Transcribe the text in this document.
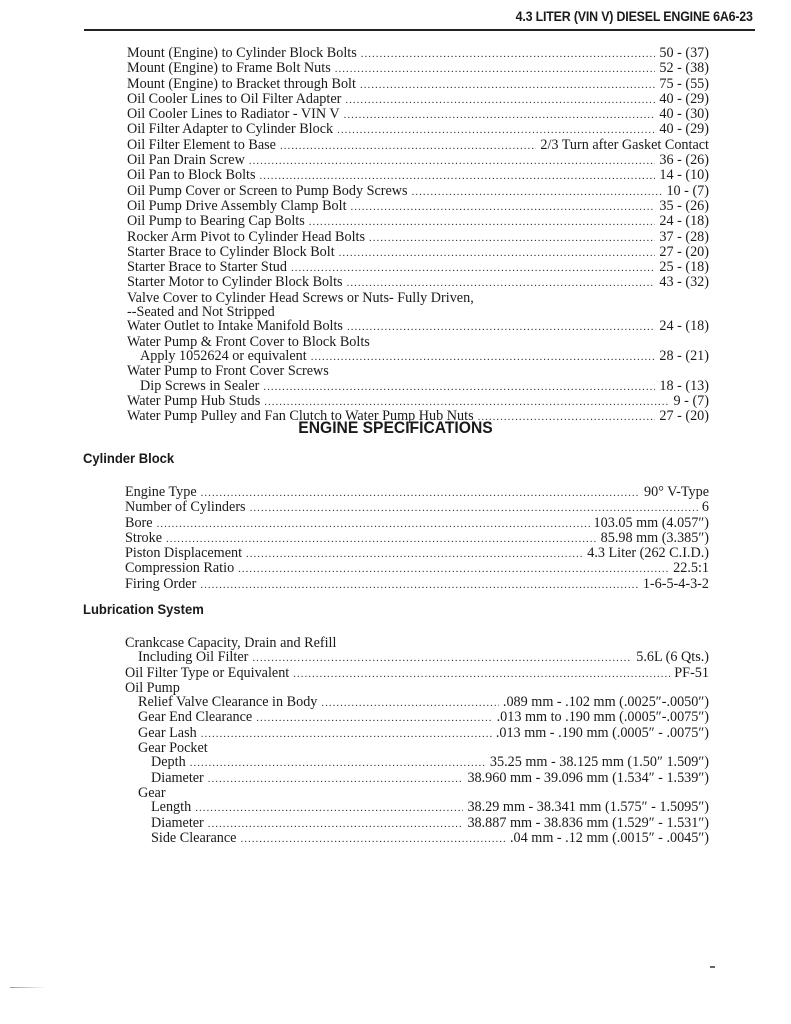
4.3 LITER (VIN V) DIESEL ENGINE 6A6-23
Mount (Engine) to Cylinder Block Bolts .....	50 - (37)
Mount (Engine) to Frame Bolt Nuts .....	52 - (38)
Mount (Engine) to Bracket through Bolt .....	75 - (55)
Oil Cooler Lines to Oil Filter Adapter .....	40 - (29)
Oil Cooler Lines to Radiator - VIN V .....	40 - (30)
Oil Filter Adapter to Cylinder Block .....	40 - (29)
Oil Filter Element to Base .....	2/3 Turn after Gasket Contact
Oil Pan Drain Screw .....	36 - (26)
Oil Pan to Block Bolts .....	14 - (10)
Oil Pump Cover or Screen to Pump Body Screws .....	10 - (7)
Oil Pump Drive Assembly Clamp Bolt .....	35 - (26)
Oil Pump to Bearing Cap Bolts .....	24 - (18)
Rocker Arm Pivot to Cylinder Head Bolts .....	37 - (28)
Starter Brace to Cylinder Block Bolt .....	27 - (20)
Starter Brace to Starter Stud .....	25 - (18)
Starter Motor to Cylinder Block Bolts .....	43 - (32)
Valve Cover to Cylinder Head Screws or Nuts- Fully Driven,
--Seated and Not Stripped
Water Outlet to Intake Manifold Bolts .....	24 - (18)
Water Pump & Front Cover to Block Bolts
Apply 1052624 or equivalent .....	28 - (21)
Water Pump to Front Cover Screws
Dip Screws in Sealer .....	18 - (13)
Water Pump Hub Studs .....	9 - (7)
Water Pump Pulley and Fan Clutch to Water Pump Hub Nuts .....	27 - (20)
ENGINE SPECIFICATIONS
Cylinder Block
Engine Type .....	90° V-Type
Number of Cylinders .....	6
Bore .....	103.05 mm (4.057″)
Stroke .....	85.98 mm (3.385″)
Piston Displacement .....	4.3 Liter (262 C.I.D.)
Compression Ratio .....	22.5:1
Firing Order .....	1-6-5-4-3-2
Lubrication System
Crankcase Capacity, Drain and Refill
Including Oil Filter .....	5.6L (6 Qts.)
Oil Filter Type or Equivalent .....	PF-51
Oil Pump
Relief Valve Clearance in Body .....	.089 mm - .102 mm (.0025″-.0050″)
Gear End Clearance .....	.013 mm to .190 mm (.0005″-.0075″)
Gear Lash .....	.013 mm - .190 mm (.0005″ - .0075″)
Gear Pocket
Depth .....	35.25 mm - 38.125 mm (1.50″ 1.509″)
Diameter .....	38.960 mm - 39.096 mm (1.534″ - 1.539″)
Gear
Length .....	38.29 mm - 38.341 mm (1.575″ - 1.5095″)
Diameter .....	38.887 mm - 38.836 mm (1.529″ - 1.531″)
Side Clearance .....	.04 mm - .12 mm (.0015″ - .0045″)
